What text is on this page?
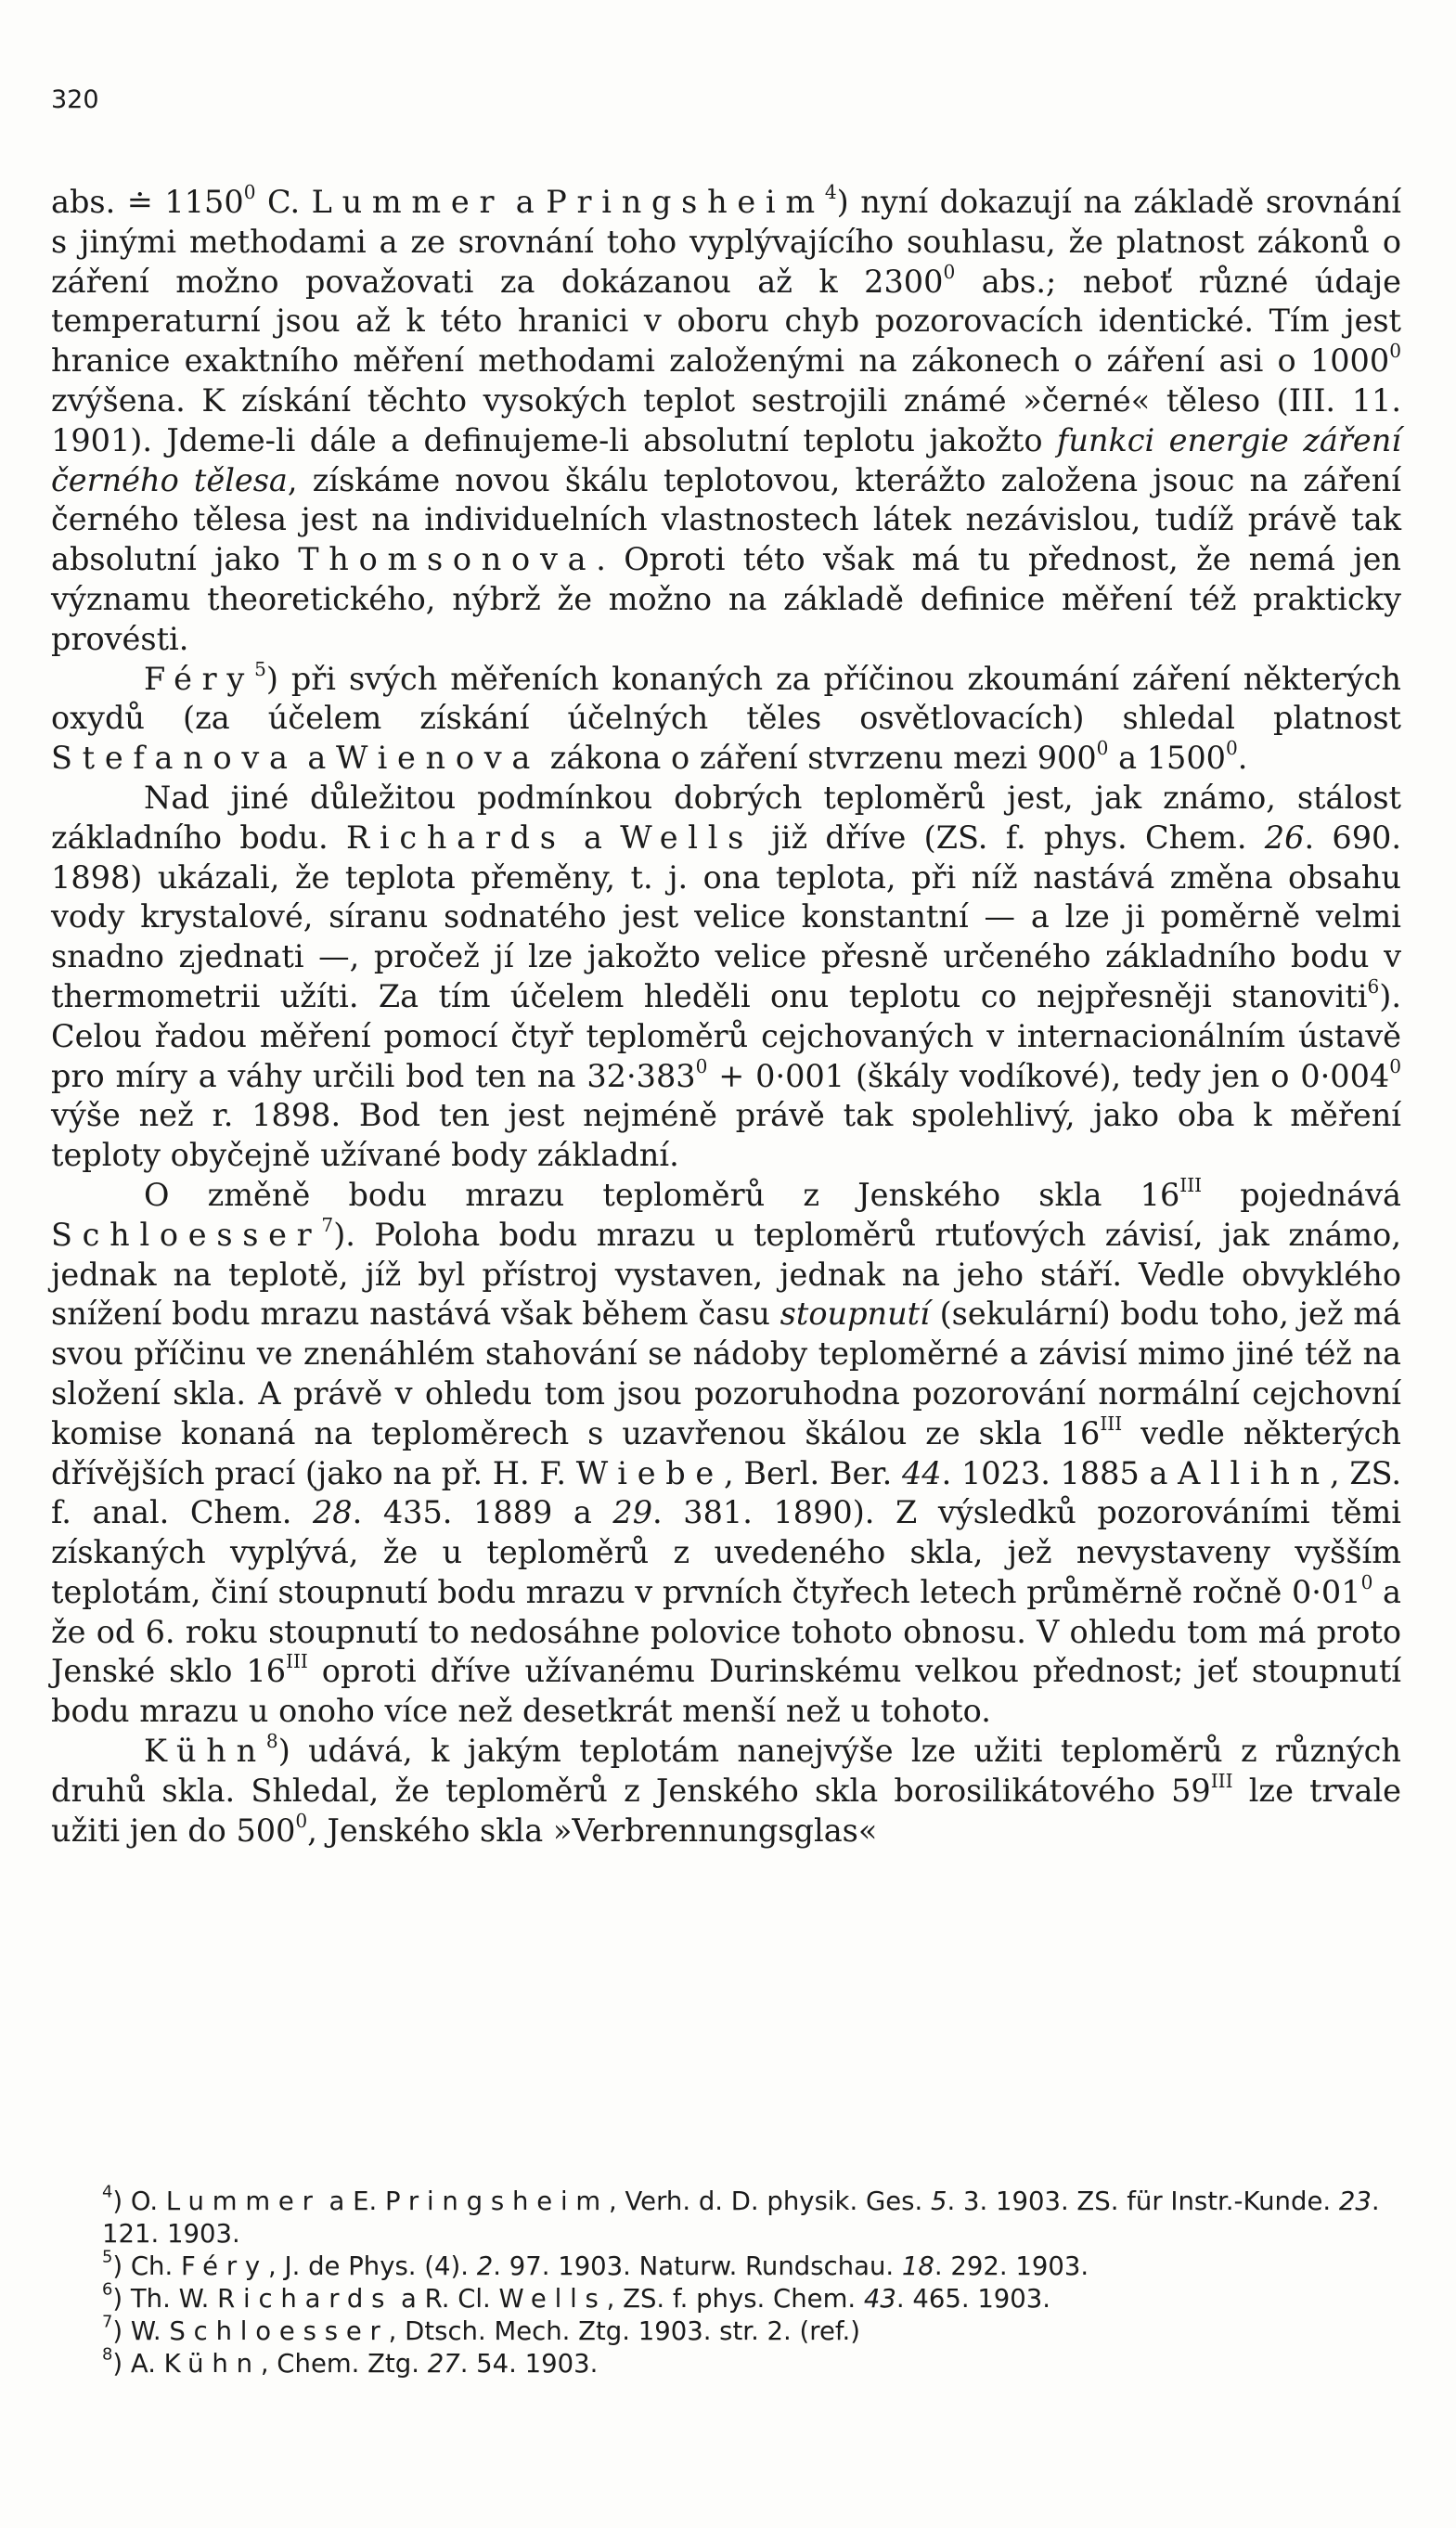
320

abs. ≐ 1150$^0$ C. Lummer a Pringsheim$^4$) nyní dokazují na základě srovnání s jinými methodami a ze srovnání toho vyplývajícího souhlasu, že platnost zákonů o záření možno považovati za dokázanou až k 2300$^0$ abs.; neboť různé údaje temperaturní jsou až k této hranici v oboru chyb pozorovacích identické. Tím jest hranice exaktního měření methodami založenými na zákonech o záření asi o 1000$^0$ zvýšena. K získání těchto vysokých teplot sestrojili známé »černé« těleso (III. 11. 1901). Jdeme-li dále a definujeme-li absolutní teplotu jakožto funkci energie záření černého tělesa, získáme novou škálu teplotovou, kterážto založena jsouc na záření černého tělesa jest na individuelních vlastnostech látek nezávislou, tudíž právě tak absolutní jako Thomsonova. Oproti této však má tu přednost, že nemá jen významu theoretického, nýbrž že možno na základě definice měření též prakticky provésti.

Féry$^5$) při svých měřeních konaných za příčinou zkoumání záření některých oxydů (za účelem získání účelných těles osvětlovacích) shledal platnost Stefanova a Wienova zákona o záření stvrzenu mezi $900^0$ a 1500$^0$.

Nad jiné důležitou podmínkou dobrých teploměrů jest, jak známo, stálost základního bodu. Richards a Wells již dříve (ZS. f. phys. Chem. 26. 690. 1898) ukázali, že teplota přeměny, t. j. ona teplota, při níž nastává změna obsahu vody krystalové, síranu sodnatého jest velice konstantní — a lze ji poměrně velmi snadno zjednati —, pročež jí lze jakožto velice přesně určeného základního bodu v thermometrii užíti. Za tím účelem hleděli onu teplotu co nejpřesněji stanoviti$^6$). Celou řadou měření pomocí čtyř teploměrů cejchovaných v internacionálním ústavě pro míry a váhy určili bod ten na $32\cdot 383^0 + 0\cdot 001$ (škály vodíkové), tedy jen o $0\cdot 004^0$ výše než r. 1898. Bod ten jest nejméně právě tak spolehlivý, jako oba k měření teploty obyčejně užívané body základní.

O změně bodu mrazu teploměrů z Jenského skla $16^{III}$ pojednává Schloesser$^7$). Poloha bodu mrazu u teploměrů rtuťových závisí, jak známo, jednak na teplotě, jíž byl přístroj vystaven, jednak na jeho stáří. Vedle obvyklého snížení bodu mrazu nastává však během času stoupnutí (sekulární) bodu toho, jež má svou příčinu ve znenáhlém stahování se nádoby teploměrné a závisí mimo jiné též na složení skla. A právě v ohledu tom jsou pozoruhodna pozorování normální cejchovní komise konaná na teploměrech s uzavřenou škálou ze skla $16^{III}$ vedle některých dřívějších prací (jako na př. H. F. Wiebe, Berl. Ber. 44. 1023. 1885 a Allihn, ZS. f. anal. Chem. 28. 435. 1889 a 29. 381. 1890). Z výsledků pozorováními těmi získaných vyplývá, že u teploměrů z uvedeného skla, jež nevystaveny vyšším teplotám, činí stoupnutí bodu mrazu v prvních čtyřech letech průměrně ročně $0\cdot 01^0$ a že od 6. roku stoupnutí to nedosáhne polovice tohoto obnosu. V ohledu tom má proto Jenské sklo $16^{III}$ oproti dříve užívanému Durinskému velkou přednost; jeť stoupnutí bodu mrazu u onoho více než desetkrát menší než u tohoto.

Kühn$^8$) udává, k jakým teplotám nanejvýše lze užiti teploměrů z různých druhů skla. Shledal, že teploměrů z Jenského skla borosilikátového $59^{III}$ lze trvale užiti jen do $500^0$, Jenského skla »Verbrennungsglas«

$^4$) O. Lummer a E. Pringsheim, Verh. d. D. physik. Ges. 5. 3. 1903. ZS. für Instr.-Kunde. 23. 121. 1903.
$^5$) Ch. Féry, J. de Phys. (4). 2. 97. 1903. Naturw. Rundschau. 18. 292. 1903.
$^6$) Th. W. Richards a R. Cl. Wells, ZS. f. phys. Chem. 43. 465. 1903.
$^7$) W. Schloesser, Dtsch. Mech. Ztg. 1903. str. 2. (ref.)
$^8$) A. Kühn, Chem. Ztg. 27. 54. 1903.
